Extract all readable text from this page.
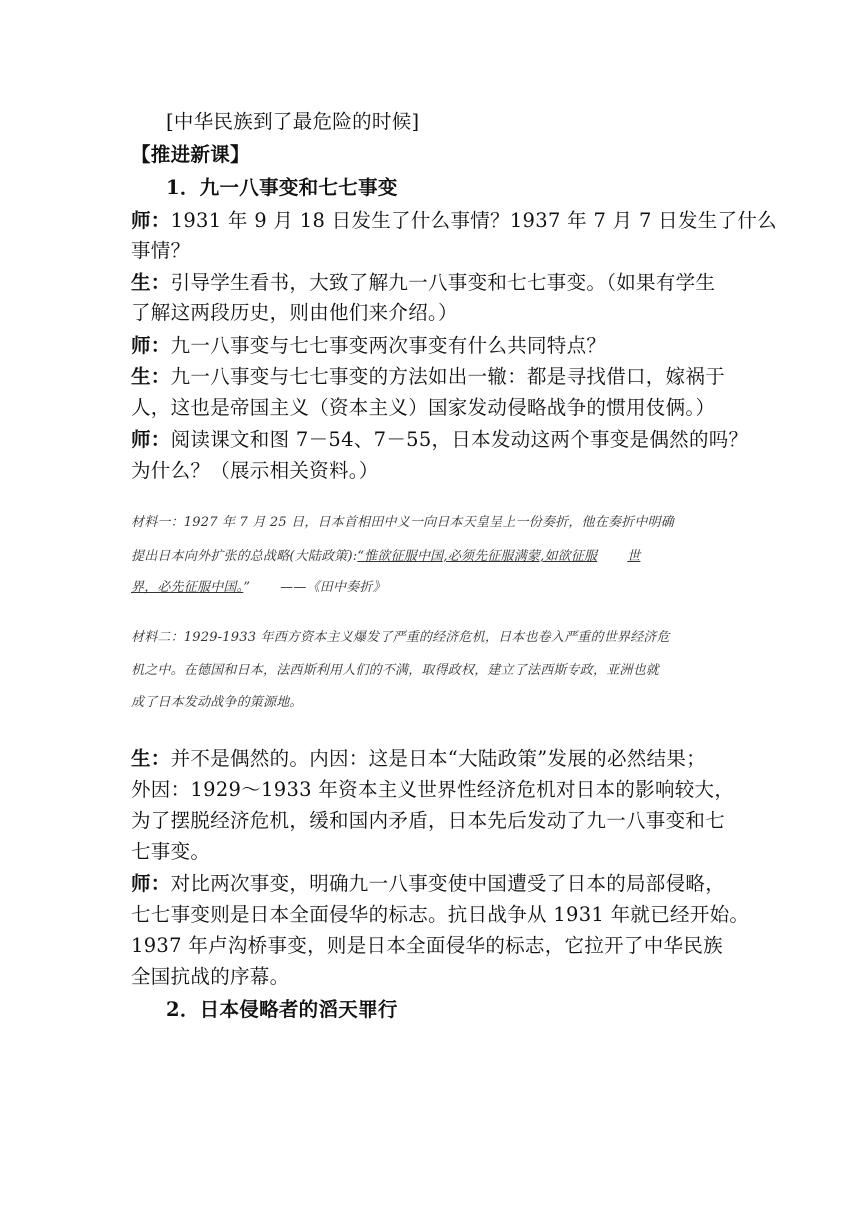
[中华民族到了最危险的时候]
【推进新课】
1．九一八事变和七七事变
师：1931 年 9 月 18 日发生了什么事情？1937 年 7 月 7 日发生了什么
事情？
生：引导学生看书，大致了解九一八事变和七七事变。（如果有学生
了解这两段历史，则由他们来介绍。）
师：九一八事变与七七事变两次事变有什么共同特点？
生：九一八事变与七七事变的方法如出一辙：都是寻找借口，嫁祸于
人，这也是帝国主义（资本主义）国家发动侵略战争的惯用伎俩。）
师：阅读课文和图 7－54、7－55，日本发动这两个事变是偶然的吗？
为什么？（展示相关资料。）
材料一：1927 年 7 月 25 日，日本首相田中义一向日本天皇呈上一份奏折，他在奏折中明确
提出日本向外扩张的总战略(大陆政策):“惟欲征服中国,必须先征服满蒙,如欲征服 世
界，必先征服中国。” ——《田中奏折》
材料二：1929-1933 年西方资本主义爆发了严重的经济危机，日本也卷入严重的世界经济危
机之中。在德国和日本，法西斯利用人们的不满，取得政权，建立了法西斯专政，亚洲也就
成了日本发动战争的策源地。
生：并不是偶然的。内因：这是日本“大陆政策”发展的必然结果；
外因：1929～1933 年资本主义世界性经济危机对日本的影响较大，
为了摆脱经济危机，缓和国内矛盾，日本先后发动了九一八事变和七
七事变。
师：对比两次事变，明确九一八事变使中国遭受了日本的局部侵略，
七七事变则是日本全面侵华的标志。抗日战争从 1931 年就已经开始。
1937 年卢沟桥事变，则是日本全面侵华的标志，它拉开了中华民族
全国抗战的序幕。
2．日本侵略者的滔天罪行
